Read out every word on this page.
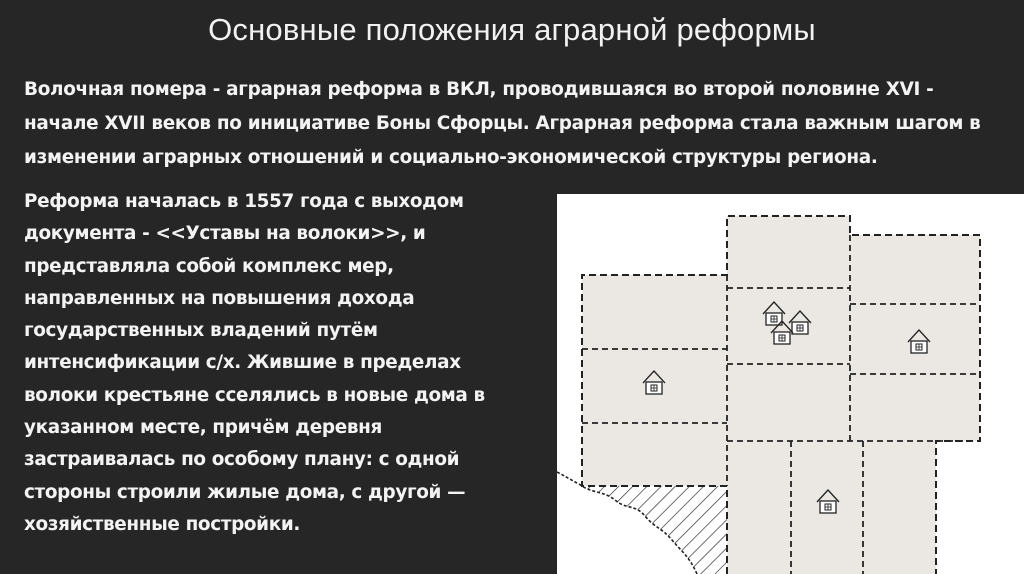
Основные положения аграрной реформы
Волочная помера - аграрная реформа в ВКЛ, проводившаяся во второй половине XVI -
начале XVII веков по инициативе Боны Сфорцы. Аграрная реформа стала важным шагом в
изменении аграрных отношений и социально-экономической структуры региона.
Реформа началась в 1557 года с выходом
документа - <<Уставы на волоки>>, и
представляла собой комплекс мер,
направленных на повышения дохода
государственных владений путём
интенсификации с/х. Жившие в пределах
волоки крестьяне сселялись в новые дома в
указанном месте, причём деревня
застраивалась по особому плану: с одной
стороны строили жилые дома, с другой —
хозяйственные постройки.
